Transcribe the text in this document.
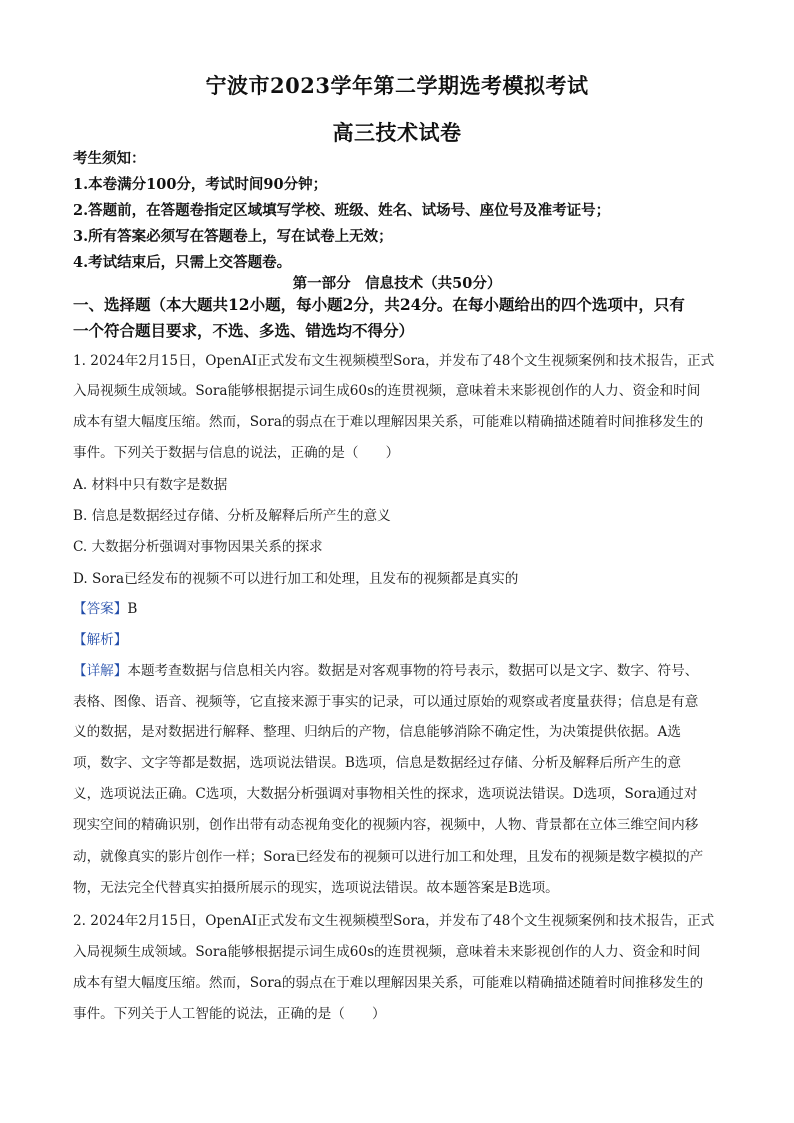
宁波市2023学年第二学期选考模拟考试
高三技术试卷
考生须知：
1.本卷满分100分，考试时间90分钟；
2.答题前，在答题卷指定区域填写学校、班级、姓名、试场号、座位号及准考证号；
3.所有答案必须写在答题卷上，写在试卷上无效；
4.考试结束后，只需上交答题卷。
第一部分　信息技术（共50分）
一、选择题（本大题共12小题，每小题2分，共24分。在每小题给出的四个选项中，只有
一个符合题目要求，不选、多选、错选均不得分）
1. 2024年2月15日，OpenAI正式发布文生视频模型Sora，并发布了48个文生视频案例和技术报告，正式
入局视频生成领域。Sora能够根据提示词生成60s的连贯视频，意味着未来影视创作的人力、资金和时间
成本有望大幅度压缩。然而，Sora的弱点在于难以理解因果关系，可能难以精确描述随着时间推移发生的
事件。下列关于数据与信息的说法，正确的是（　　）
A. 材料中只有数字是数据
B. 信息是数据经过存储、分析及解释后所产生的意义
C. 大数据分析强调对事物因果关系的探求
D. Sora已经发布的视频不可以进行加工和处理，且发布的视频都是真实的
【答案】B
【解析】
【详解】本题考查数据与信息相关内容。数据是对客观事物的符号表示，数据可以是文字、数字、符号、
表格、图像、语音、视频等，它直接来源于事实的记录，可以通过原始的观察或者度量获得；信息是有意
义的数据，是对数据进行解释、整理、归纳后的产物，信息能够消除不确定性，为决策提供依据。A选
项，数字、文字等都是数据，选项说法错误。B选项，信息是数据经过存储、分析及解释后所产生的意
义，选项说法正确。C选项，大数据分析强调对事物相关性的探求，选项说法错误。D选项，Sora通过对
现实空间的精确识别，创作出带有动态视角变化的视频内容，视频中，人物、背景都在立体三维空间内移
动，就像真实的影片创作一样；Sora已经发布的视频可以进行加工和处理，且发布的视频是数字模拟的产
物，无法完全代替真实拍摄所展示的现实，选项说法错误。故本题答案是B选项。
2. 2024年2月15日，OpenAI正式发布文生视频模型Sora，并发布了48个文生视频案例和技术报告，正式
入局视频生成领域。Sora能够根据提示词生成60s的连贯视频，意味着未来影视创作的人力、资金和时间
成本有望大幅度压缩。然而，Sora的弱点在于难以理解因果关系，可能难以精确描述随着时间推移发生的
事件。下列关于人工智能的说法，正确的是（　　）
